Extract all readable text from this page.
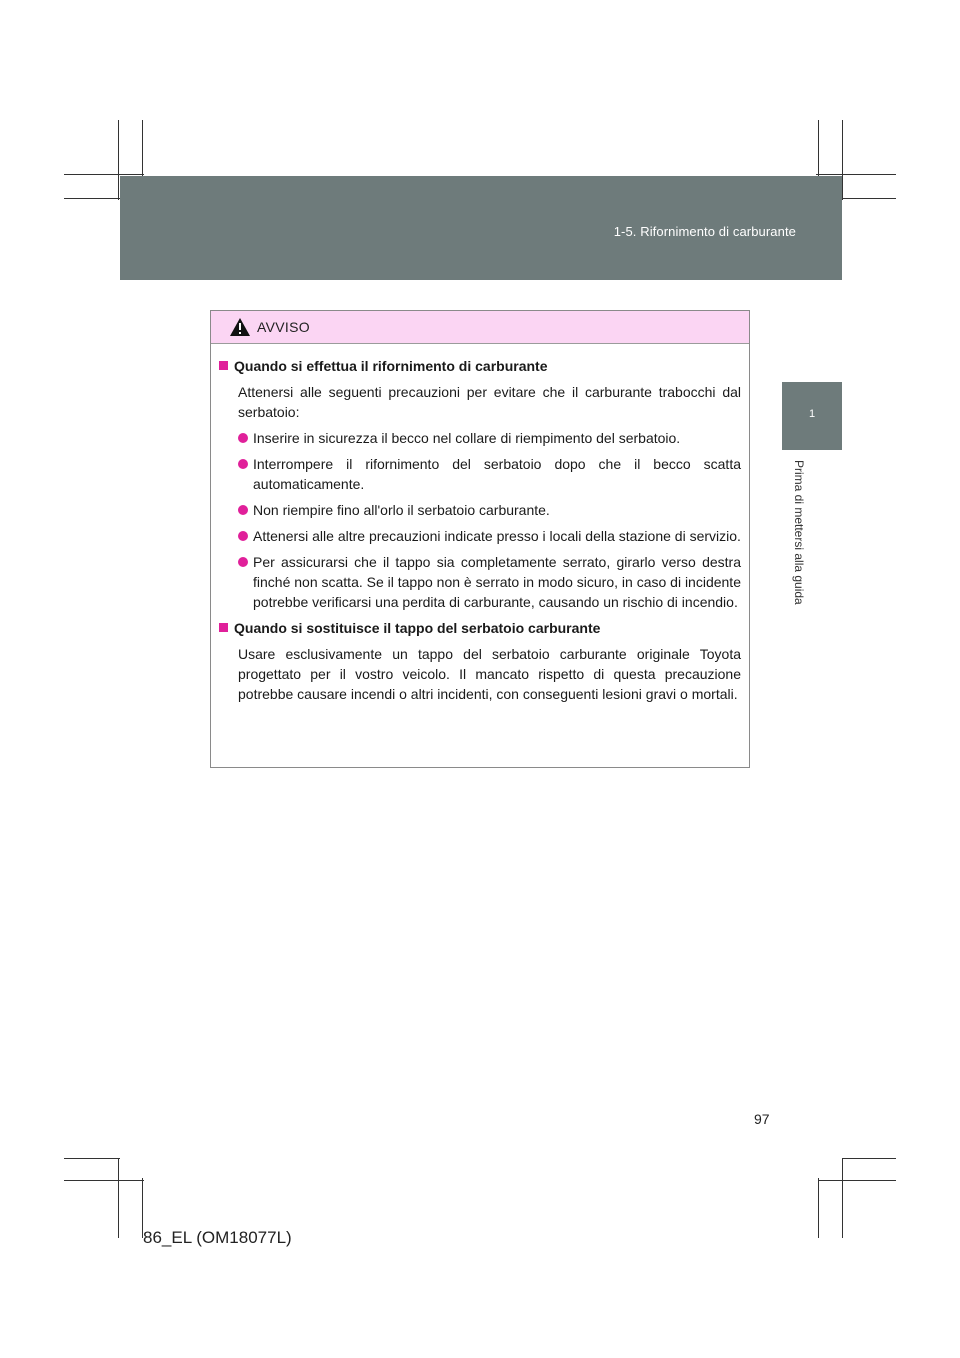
1-5. Rifornimento di carburante
1
Prima di mettersi alla guida
AVVISO
Quando si effettua il rifornimento di carburante
Attenersi alle seguenti precauzioni per evitare che il carburante trabocchi dal serbatoio:
Inserire in sicurezza il becco nel collare di riempimento del serbatoio.
Interrompere il rifornimento del serbatoio dopo che il becco scatta automaticamente.
Non riempire fino all'orlo il serbatoio carburante.
Attenersi alle altre precauzioni indicate presso i locali della stazione di servizio.
Per assicurarsi che il tappo sia completamente serrato, girarlo verso destra finché non scatta. Se il tappo non è serrato in modo sicuro, in caso di incidente potrebbe verificarsi una perdita di carburante, causando un rischio di incendio.
Quando si sostituisce il tappo del serbatoio carburante
Usare esclusivamente un tappo del serbatoio carburante originale Toyota progettato per il vostro veicolo. Il mancato rispetto di questa precauzione potrebbe causare incendi o altri incidenti, con conseguenti lesioni gravi o mortali.
97
86_EL (OM18077L)
